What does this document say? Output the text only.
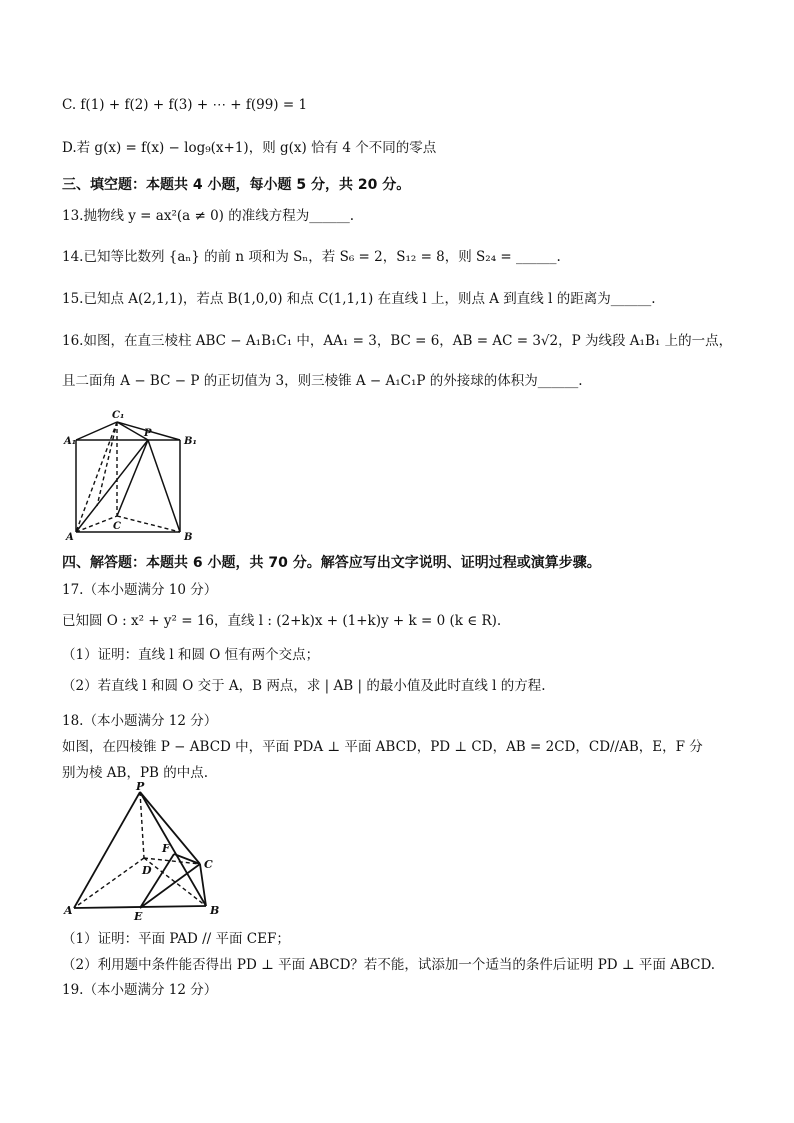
C. f(1) + f(2) + f(3) + ⋯ + f(99) = 1
D.若 g(x) = f(x) − log₉(x+1)，则 g(x) 恰有 4 个不同的零点
三、填空题：本题共 4 小题，每小题 5 分，共 20 分。
13.抛物线 y = ax²(a ≠ 0) 的准线方程为______.
14.已知等比数列 {aₙ} 的前 n 项和为 Sₙ，若 S₆ = 2，S₁₂ = 8，则 S₂₄ = ______.
15.已知点 A(2,1,1)，若点 B(1,0,0) 和点 C(1,1,1) 在直线 l 上，则点 A 到直线 l 的距离为______.
16.如图，在直三棱柱 ABC − A₁B₁C₁ 中，AA₁ = 3，BC = 6，AB = AC = 3√2，P 为线段 A₁B₁ 上的一点，
且二面角 A − BC − P 的正切值为 3，则三棱锥 A − A₁C₁P 的外接球的体积为______.
C₁
A₁
P
B₁
C
A	B
四、解答题：本题共 6 小题，共 70 分。解答应写出文字说明、证明过程或演算步骤。
17.（本小题满分 10 分）
已知圆 O : x² + y² = 16，直线 l : (2+k)x + (1+k)y + k = 0 (k ∈ R).
（1）证明：直线 l 和圆 O 恒有两个交点；
（2）若直线 l 和圆 O 交于 A，B 两点，求 | AB | 的最小值及此时直线 l 的方程.
18.（本小题满分 12 分）
如图，在四棱锥 P − ABCD 中，平面 PDA ⊥ 平面 ABCD，PD ⊥ CD，AB = 2CD，CD//AB，E，F 分
别为棱 AB，PB 的中点.
P
F
C
D
A	E	B
（1）证明：平面 PAD // 平面 CEF；
（2）利用题中条件能否得出 PD ⊥ 平面 ABCD？若不能，试添加一个适当的条件后证明 PD ⊥ 平面 ABCD.
19.（本小题满分 12 分）
